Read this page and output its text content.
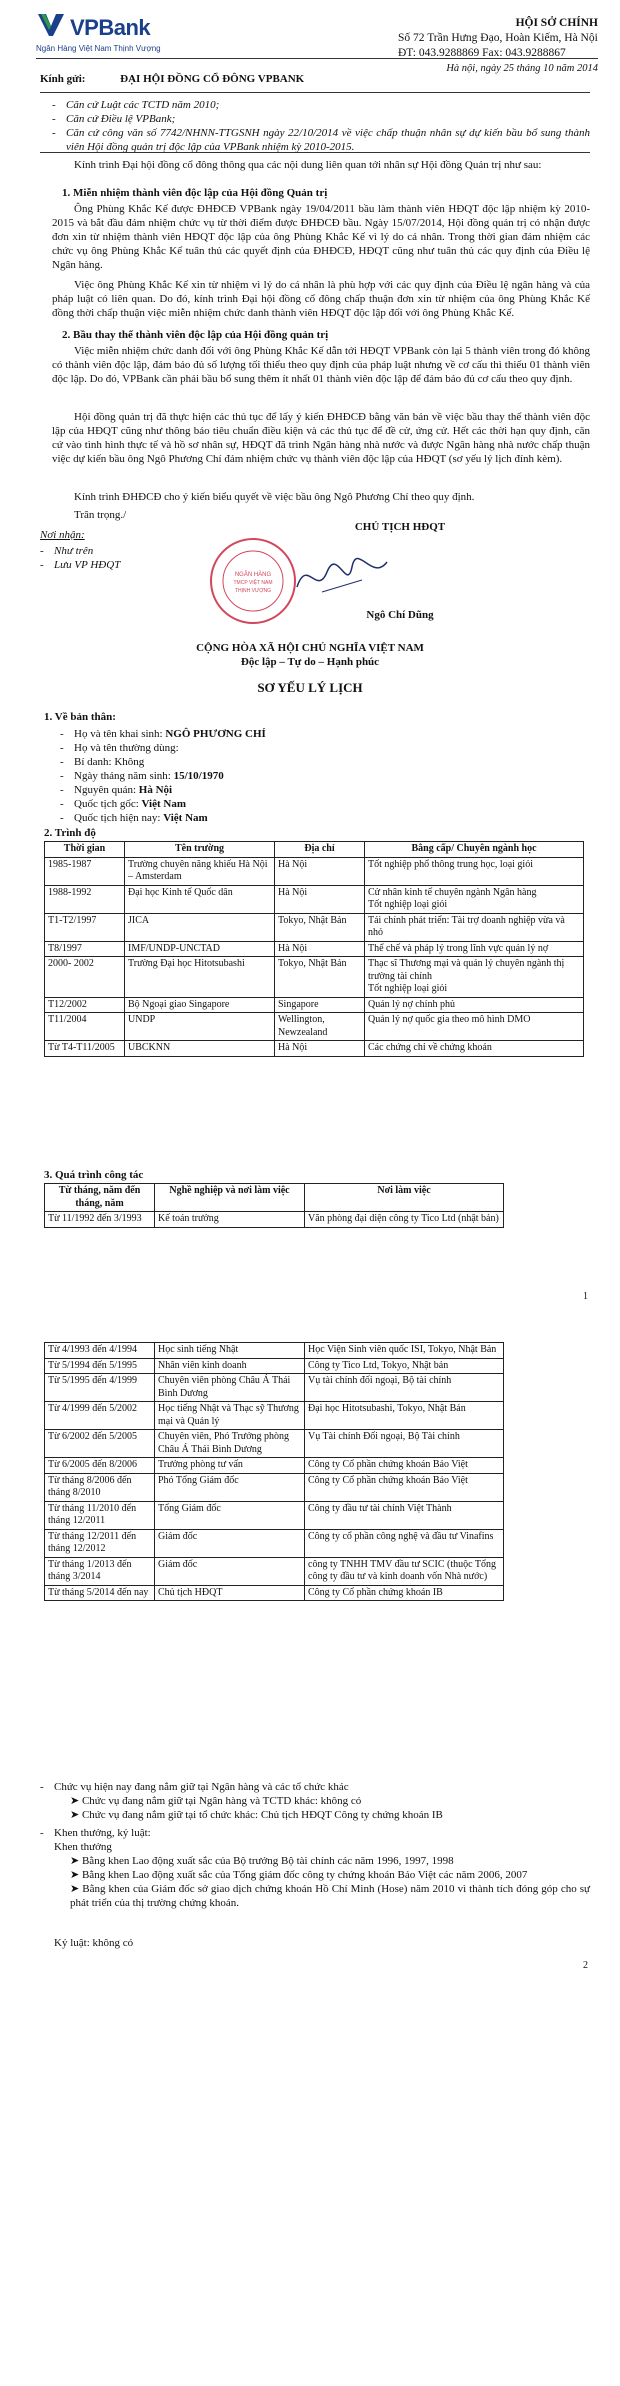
VPBank
Ngân Hàng Việt Nam Thịnh Vượng
HỘI SỞ CHÍNH
Số 72 Trần Hưng Đạo, Hoàn Kiếm, Hà Nội
ĐT: 043.9288869 Fax: 043.9288867
Hà nội, ngày 25 tháng 10 năm 2014
Kính gửi:	ĐẠI HỘI ĐỒNG CỔ ĐÔNG VPBANK
- Căn cứ Luật các TCTD năm 2010;
- Căn cứ Điều lệ VPBank;
- Căn cứ công văn số 7742/NHNN-TTGSNH ngày 22/10/2014 về việc chấp thuận nhân sự dự kiến bầu bổ sung thành viên Hội đồng quản trị độc lập của VPBank nhiệm kỳ 2010-2015.
Kính trình Đại hội đồng cổ đông thông qua các nội dung liên quan tới nhân sự Hội đồng Quản trị như sau:
1. Miễn nhiệm thành viên độc lập của Hội đồng Quản trị
Ông Phùng Khắc Kế được ĐHĐCĐ VPBank ngày 19/04/2011 bầu làm thành viên HĐQT độc lập nhiệm kỳ 2010-2015 và bắt đầu đảm nhiệm chức vụ từ thời điểm được ĐHĐCĐ bầu. Ngày 15/07/2014, Hội đồng quản trị có nhận được đơn xin từ nhiệm thành viên HĐQT độc lập của ông Phùng Khắc Kế vì lý do cá nhân. Trong thời gian đảm nhiệm các chức vụ ông Phùng Khắc Kế tuân thủ các quyết định của ĐHĐCĐ, HĐQT cũng như tuân thủ các quy định của Điều lệ Ngân hàng.
Việc ông Phùng Khắc Kế xin từ nhiệm vì lý do cá nhân là phù hợp với các quy định của Điều lệ ngân hàng và của pháp luật có liên quan. Do đó, kính trình Đại hội đồng cổ đông chấp thuận đơn xin từ nhiệm của ông Phùng Khắc Kế đồng thời chấp thuận việc miễn nhiệm chức danh thành viên HĐQT độc lập đối với ông Phùng Khắc Kế.
2. Bầu thay thế thành viên độc lập của Hội đồng quản trị
Việc miễn nhiệm chức danh đối với ông Phùng Khắc Kế dẫn tới HĐQT VPBank còn lại 5 thành viên trong đó không có thành viên độc lập, đảm bảo đủ số lượng tối thiểu theo quy định của pháp luật nhưng về cơ cấu thì thiếu 01 thành viên độc lập. Do đó, VPBank cần phải bầu bổ sung thêm ít nhất 01 thành viên độc lập để đảm bảo đủ cơ cấu theo quy định.
Hội đồng quản trị đã thực hiện các thủ tục để lấy ý kiến ĐHĐCĐ bằng văn bản về việc bầu thay thế thành viên độc lập của HĐQT cũng như thông báo tiêu chuẩn điều kiện và các thủ tục để đề cử, ứng cử. Hết các thời hạn quy định, căn cứ vào tình hình thực tế và hồ sơ nhân sự, HĐQT đã trình Ngân hàng nhà nước và được Ngân hàng nhà nước chấp thuận việc dự kiến bầu ông Ngô Phương Chí đảm nhiệm chức vụ thành viên độc lập của HĐQT (sơ yếu lý lịch đính kèm).
Kính trình ĐHĐCĐ cho ý kiến biểu quyết về việc bầu ông Ngô Phương Chí theo quy định.
Trân trọng./
Nơi nhận:
- Như trên
- Lưu VP HĐQT
CHỦ TỊCH HĐQT
NGÂN HÀNG
TMCP VIỆT NAM
THỊNH VƯỢNG
Ngô Chí Dũng
CỘNG HÒA XÃ HỘI CHỦ NGHĨA VIỆT NAM
Độc lập – Tự do – Hạnh phúc
SƠ YẾU LÝ LỊCH
1. Về bản thân:
- Họ và tên khai sinh: NGÔ PHƯƠNG CHÍ
- Họ và tên thường dùng:
- Bí danh: Không
- Ngày tháng năm sinh: 15/10/1970
- Nguyên quán: Hà Nội
- Quốc tịch gốc: Việt Nam
- Quốc tịch hiện nay: Việt Nam
2. Trình độ
Thời gian	Tên trường	Địa chỉ	Bằng cấp/ Chuyên ngành học
1985-1987	Trường chuyên năng khiếu Hà Nội – Amsterdam	Hà Nội	Tốt nghiệp phổ thông trung học, loại giỏi
1988-1992	Đại học Kinh tế Quốc dân	Hà Nội	Cử nhân kinh tế chuyên ngành Ngân hàng
Tốt nghiệp loại giỏi
T1-T2/1997	JICA	Tokyo, Nhật Bản	Tái chính phát triển: Tài trợ doanh nghiệp vừa và nhỏ
T8/1997	IMF/UNDP-UNCTAD	Hà Nội	Thể chế và pháp lý trong lĩnh vực quản lý nợ
2000- 2002	Trường Đại học Hitotsubashi	Tokyo, Nhật Bản	Thạc sĩ Thương mại và quản lý chuyên ngành thị trường tài chính
Tốt nghiệp loại giỏi
T12/2002	Bộ Ngoại giao Singapore	Singapore	Quản lý nợ chính phủ
T11/2004	UNDP	Wellington, Newzealand	Quản lý nợ quốc gia theo mô hình DMO
Từ T4-T11/2005	UBCKNN	Hà Nội	Các chứng chỉ về chứng khoán
3. Quá trình công tác
Từ tháng, năm đến tháng, năm	Nghề nghiệp và nơi làm việc	Nơi làm việc
Từ 11/1992 đến 3/1993	Kế toán trưởng	Văn phòng đại diện công ty Tico Ltd (nhật bản)
1
Từ 4/1993 đến 4/1994	Học sinh tiếng Nhật	Học Viện Sinh viên quốc ISI, Tokyo, Nhật Bản
Từ 5/1994 đến 5/1995	Nhân viên kinh doanh	Công ty Tico Ltd, Tokyo, Nhật bản
Từ 5/1995 đến 4/1999	Chuyên viên phòng Châu Á Thái Bình Dương	Vụ tài chính đối ngoại, Bộ tài chính
Từ 4/1999 đến 5/2002	Học tiếng Nhật và Thạc sỹ Thương mại và Quản lý	Đại học Hitotsubashi, Tokyo, Nhật Bản
Từ 6/2002 đến 5/2005	Chuyên viên, Phó Trưởng phòng Châu Á Thái Bình Dương	Vụ Tài chính Đối ngoại, Bộ Tài chính
Từ 6/2005 đến 8/2006	Trưởng phòng tư vấn	Công ty Cổ phần chứng khoán Bảo Việt
Từ tháng 8/2006 đến tháng 8/2010	Phó Tổng Giám đốc	Công ty Cổ phần chứng khoán Bảo Việt
Từ tháng 11/2010 đến tháng 12/2011	Tổng Giám đốc	Công ty đầu tư tài chính Việt Thành
Từ tháng 12/2011 đến tháng 12/2012	Giám đốc	Công ty cổ phần công nghệ và đầu tư Vinafins
Từ tháng 1/2013 đến tháng 3/2014	Giám đốc	công ty TNHH TMV đầu tư SCIC (thuộc Tổng công ty đầu tư và kinh doanh vốn Nhà nước)
Từ tháng 5/2014 đến nay	Chủ tịch HĐQT	Công ty Cổ phần chứng khoán IB
- Chức vụ hiện nay đang nắm giữ tại Ngân hàng và các tổ chức khác
➤ Chức vụ đang nắm giữ tại Ngân hàng và TCTD khác: không có
➤ Chức vụ đang nắm giữ tại tổ chức khác: Chủ tịch HĐQT Công ty chứng khoán IB
- Khen thưởng, kỷ luật:
Khen thưởng
➤ Bằng khen Lao động xuất sắc của Bộ trưởng Bộ tài chính các năm 1996, 1997, 1998
➤ Bằng khen Lao động xuất sắc của Tổng giám đốc công ty chứng khoán Bảo Việt các năm 2006, 2007
➤ Bằng khen của Giám đốc sở giao dịch chứng khoán Hồ Chí Minh (Hose) năm 2010 vì thành tích đóng góp cho sự phát triển của thị trường chứng khoán.
Kỷ luật: không có
2
